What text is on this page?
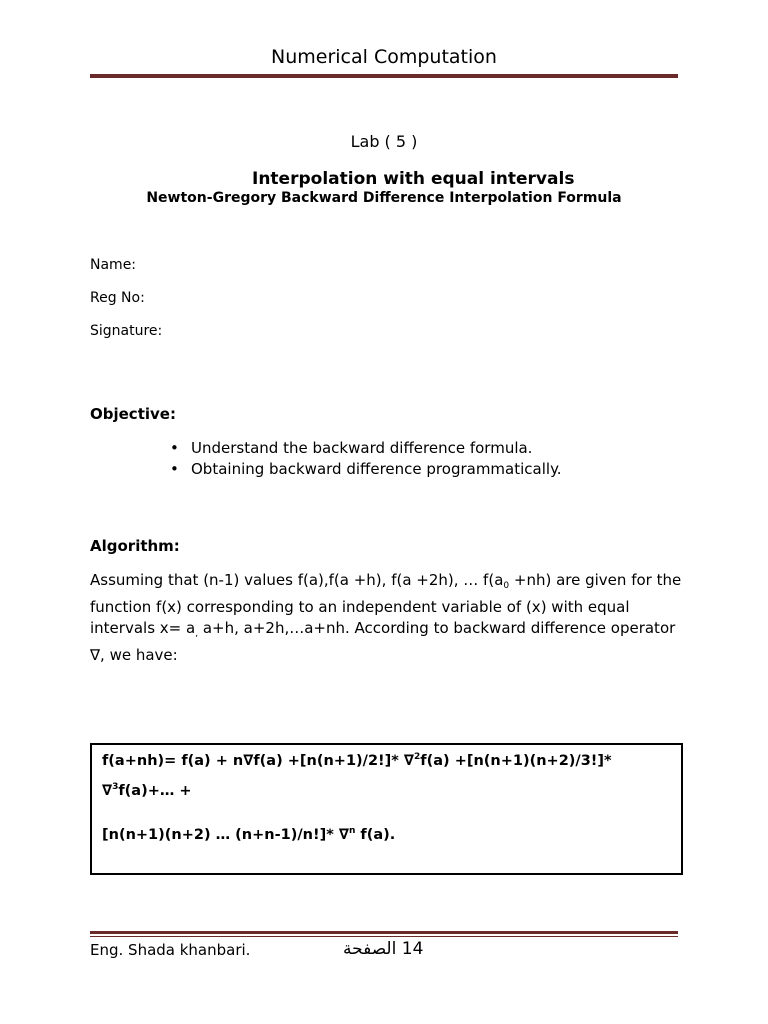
Numerical Computation
Lab ( 5 )
Interpolation with equal intervals
Newton-Gregory Backward Difference Interpolation Formula
Name:
Reg No:
Signature:
Objective:
• Understand the backward difference formula.
• Obtaining backward difference programmatically.
Algorithm:
Assuming that (n-1) values f(a),f(a +h), f(a +2h), … $f(a_0 +nh)$ are given for the function f(x) corresponding to an independent variable of (x) with equal intervals $x= a_,$ a+h, a+2h,…a+nh. According to backward difference operator ∇, we have:
f(a+nh)= f(a) + n∇f(a) +[n(n+1)/2!]* ∇$^2$f(a) +[n(n+1)(n+2)/3!]*
∇$^3$f(a)+… +
[n(n+1)(n+2) … (n+n-1)/n!]* ∇$^n$ f(a).
Eng. Shada khanbari.	14 الصفحة
